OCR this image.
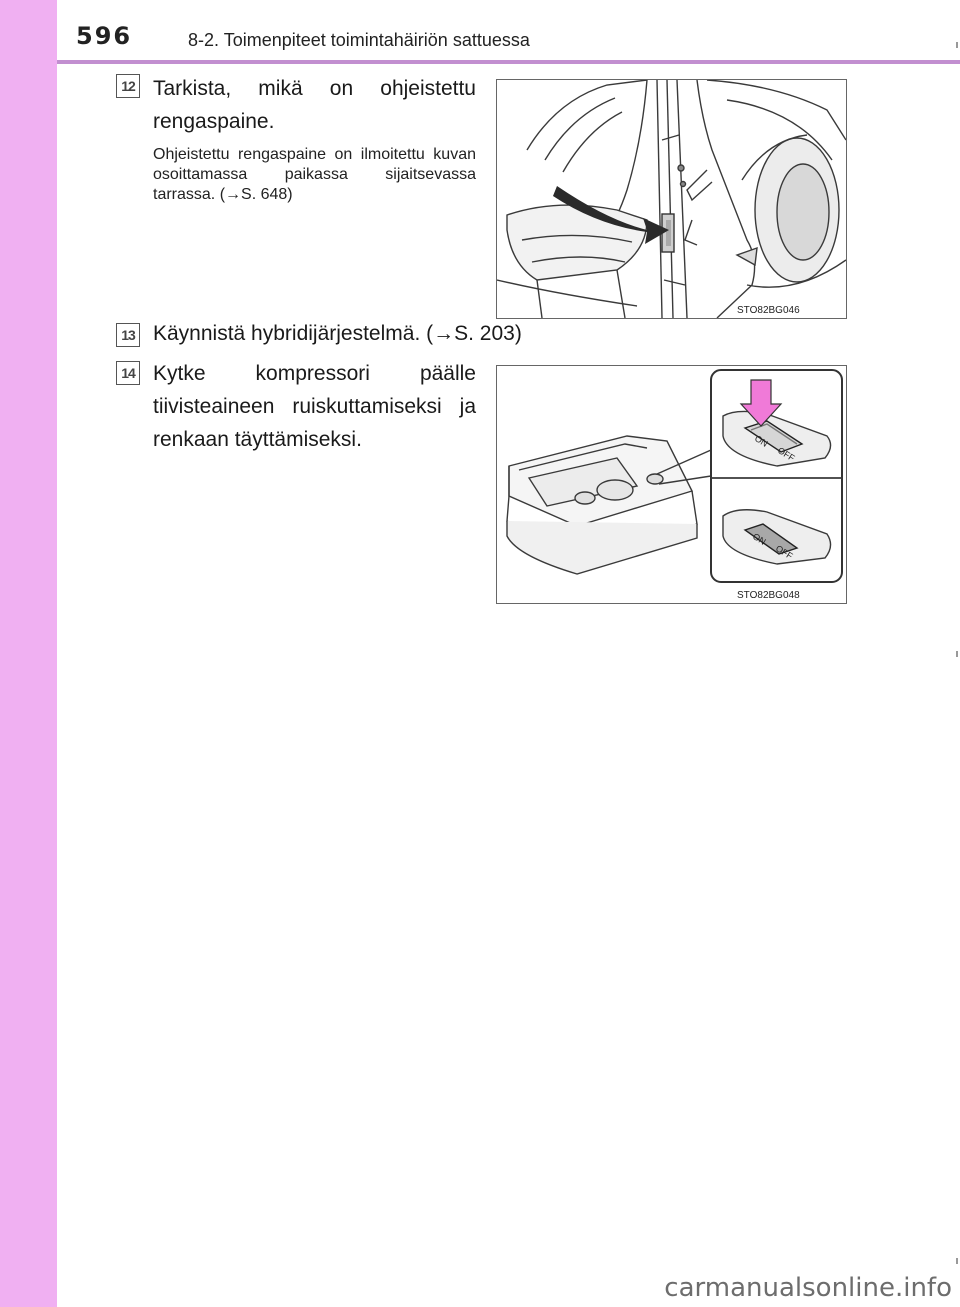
596	8-2. Toimenpiteet toimintahäiriön sattuessa
12 Tarkista, mikä on ohjeistettu rengaspaine.
Ohjeistettu rengaspaine on ilmoitettu kuvan osoittamassa paikassa sijaitsevassa tarrassa. (→S. 648)
STO82BG046
13 Käynnistä hybridijärjestelmä. (→S. 203)
14 Kytke kompressori päälle tiivisteaineen ruiskuttamiseksi ja renkaan täyttämiseksi.	ON
OFF
ON
OFF
STO82BG048
carmanualsonline.info
